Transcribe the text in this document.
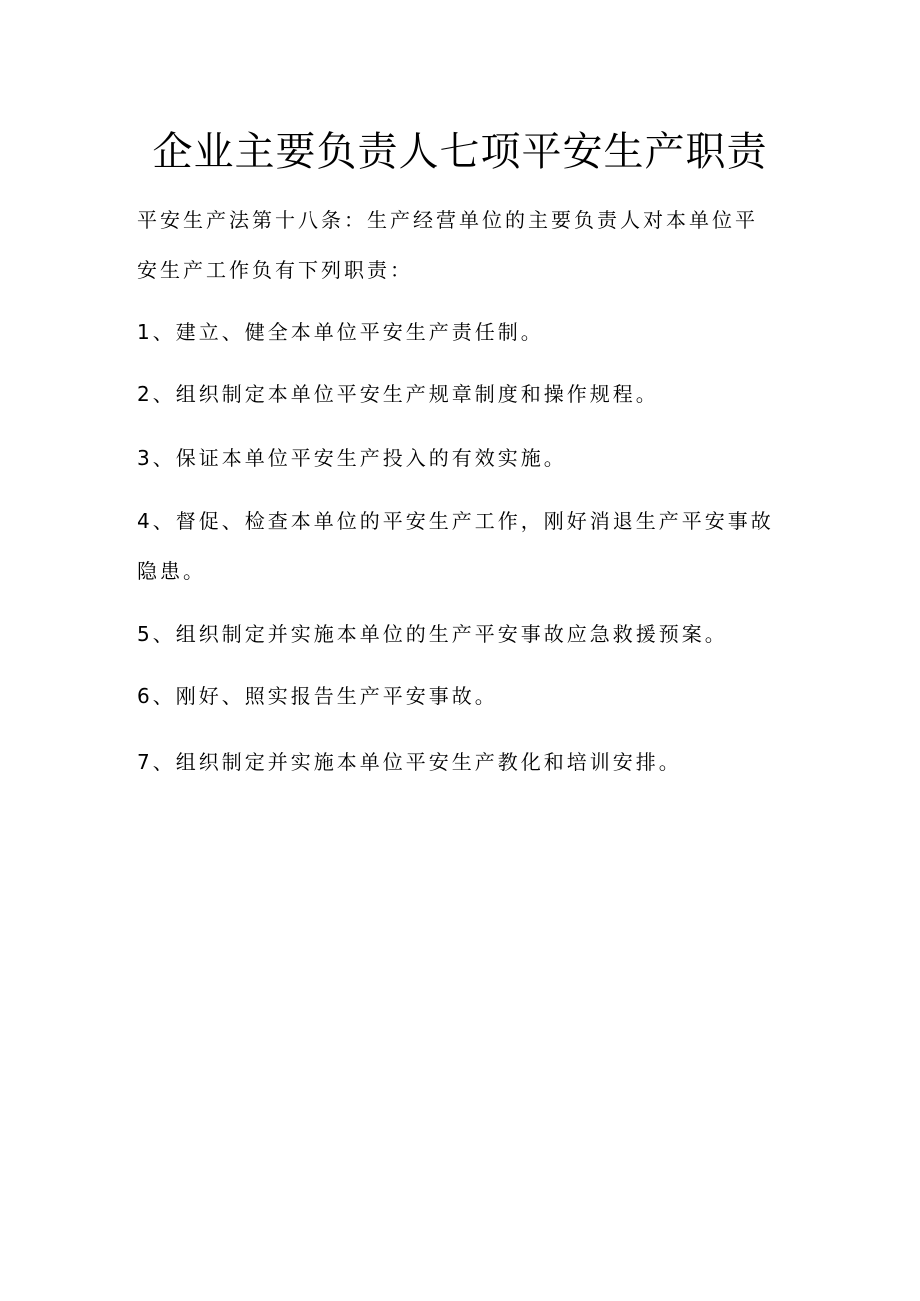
企业主要负责人七项平安生产职责
平安生产法第十八条：生产经营单位的主要负责人对本单位平
安生产工作负有下列职责：
1、建立、健全本单位平安生产责任制。
2、组织制定本单位平安生产规章制度和操作规程。
3、保证本单位平安生产投入的有效实施。
4、督促、检查本单位的平安生产工作，刚好消退生产平安事故
隐患。
5、组织制定并实施本单位的生产平安事故应急救援预案。
6、刚好、照实报告生产平安事故。
7、组织制定并实施本单位平安生产教化和培训安排。
